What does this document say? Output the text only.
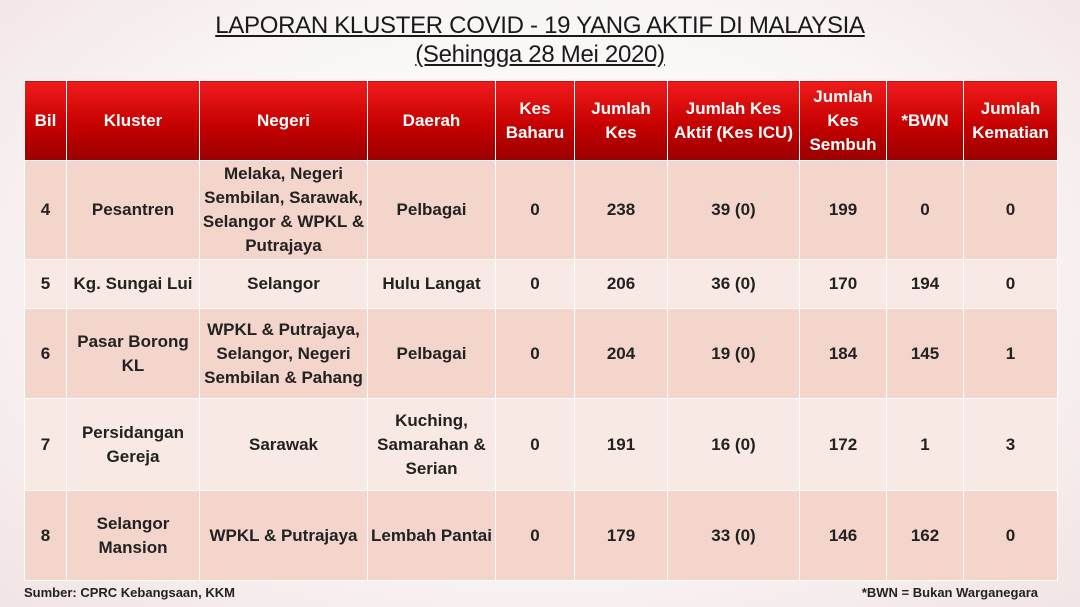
LAPORAN KLUSTER COVID - 19 YANG AKTIF DI MALAYSIA
(Sehingga 28 Mei 2020)
Bil	Kluster	Negeri	Daerah	Kes Baharu	Jumlah Kes	Jumlah Kes Aktif (Kes ICU)	Jumlah Kes Sembuh	*BWN	Jumlah Kematian
4	Pesantren	Melaka, Negeri Sembilan, Sarawak, Selangor & WPKL & Putrajaya	Pelbagai	0	238	39 (0)	199	0	0
5	Kg. Sungai Lui	Selangor	Hulu Langat	0	206	36 (0)	170	194	0
6	Pasar Borong KL	WPKL & Putrajaya, Selangor, Negeri Sembilan & Pahang	Pelbagai	0	204	19 (0)	184	145	1
7	Persidangan Gereja	Sarawak	Kuching, Samarahan & Serian	0	191	16 (0)	172	1	3
8	Selangor Mansion	WPKL & Putrajaya	Lembah Pantai	0	179	33 (0)	146	162	0
Sumber: CPRC Kebangsaan, KKM	*BWN = Bukan Warganegara
